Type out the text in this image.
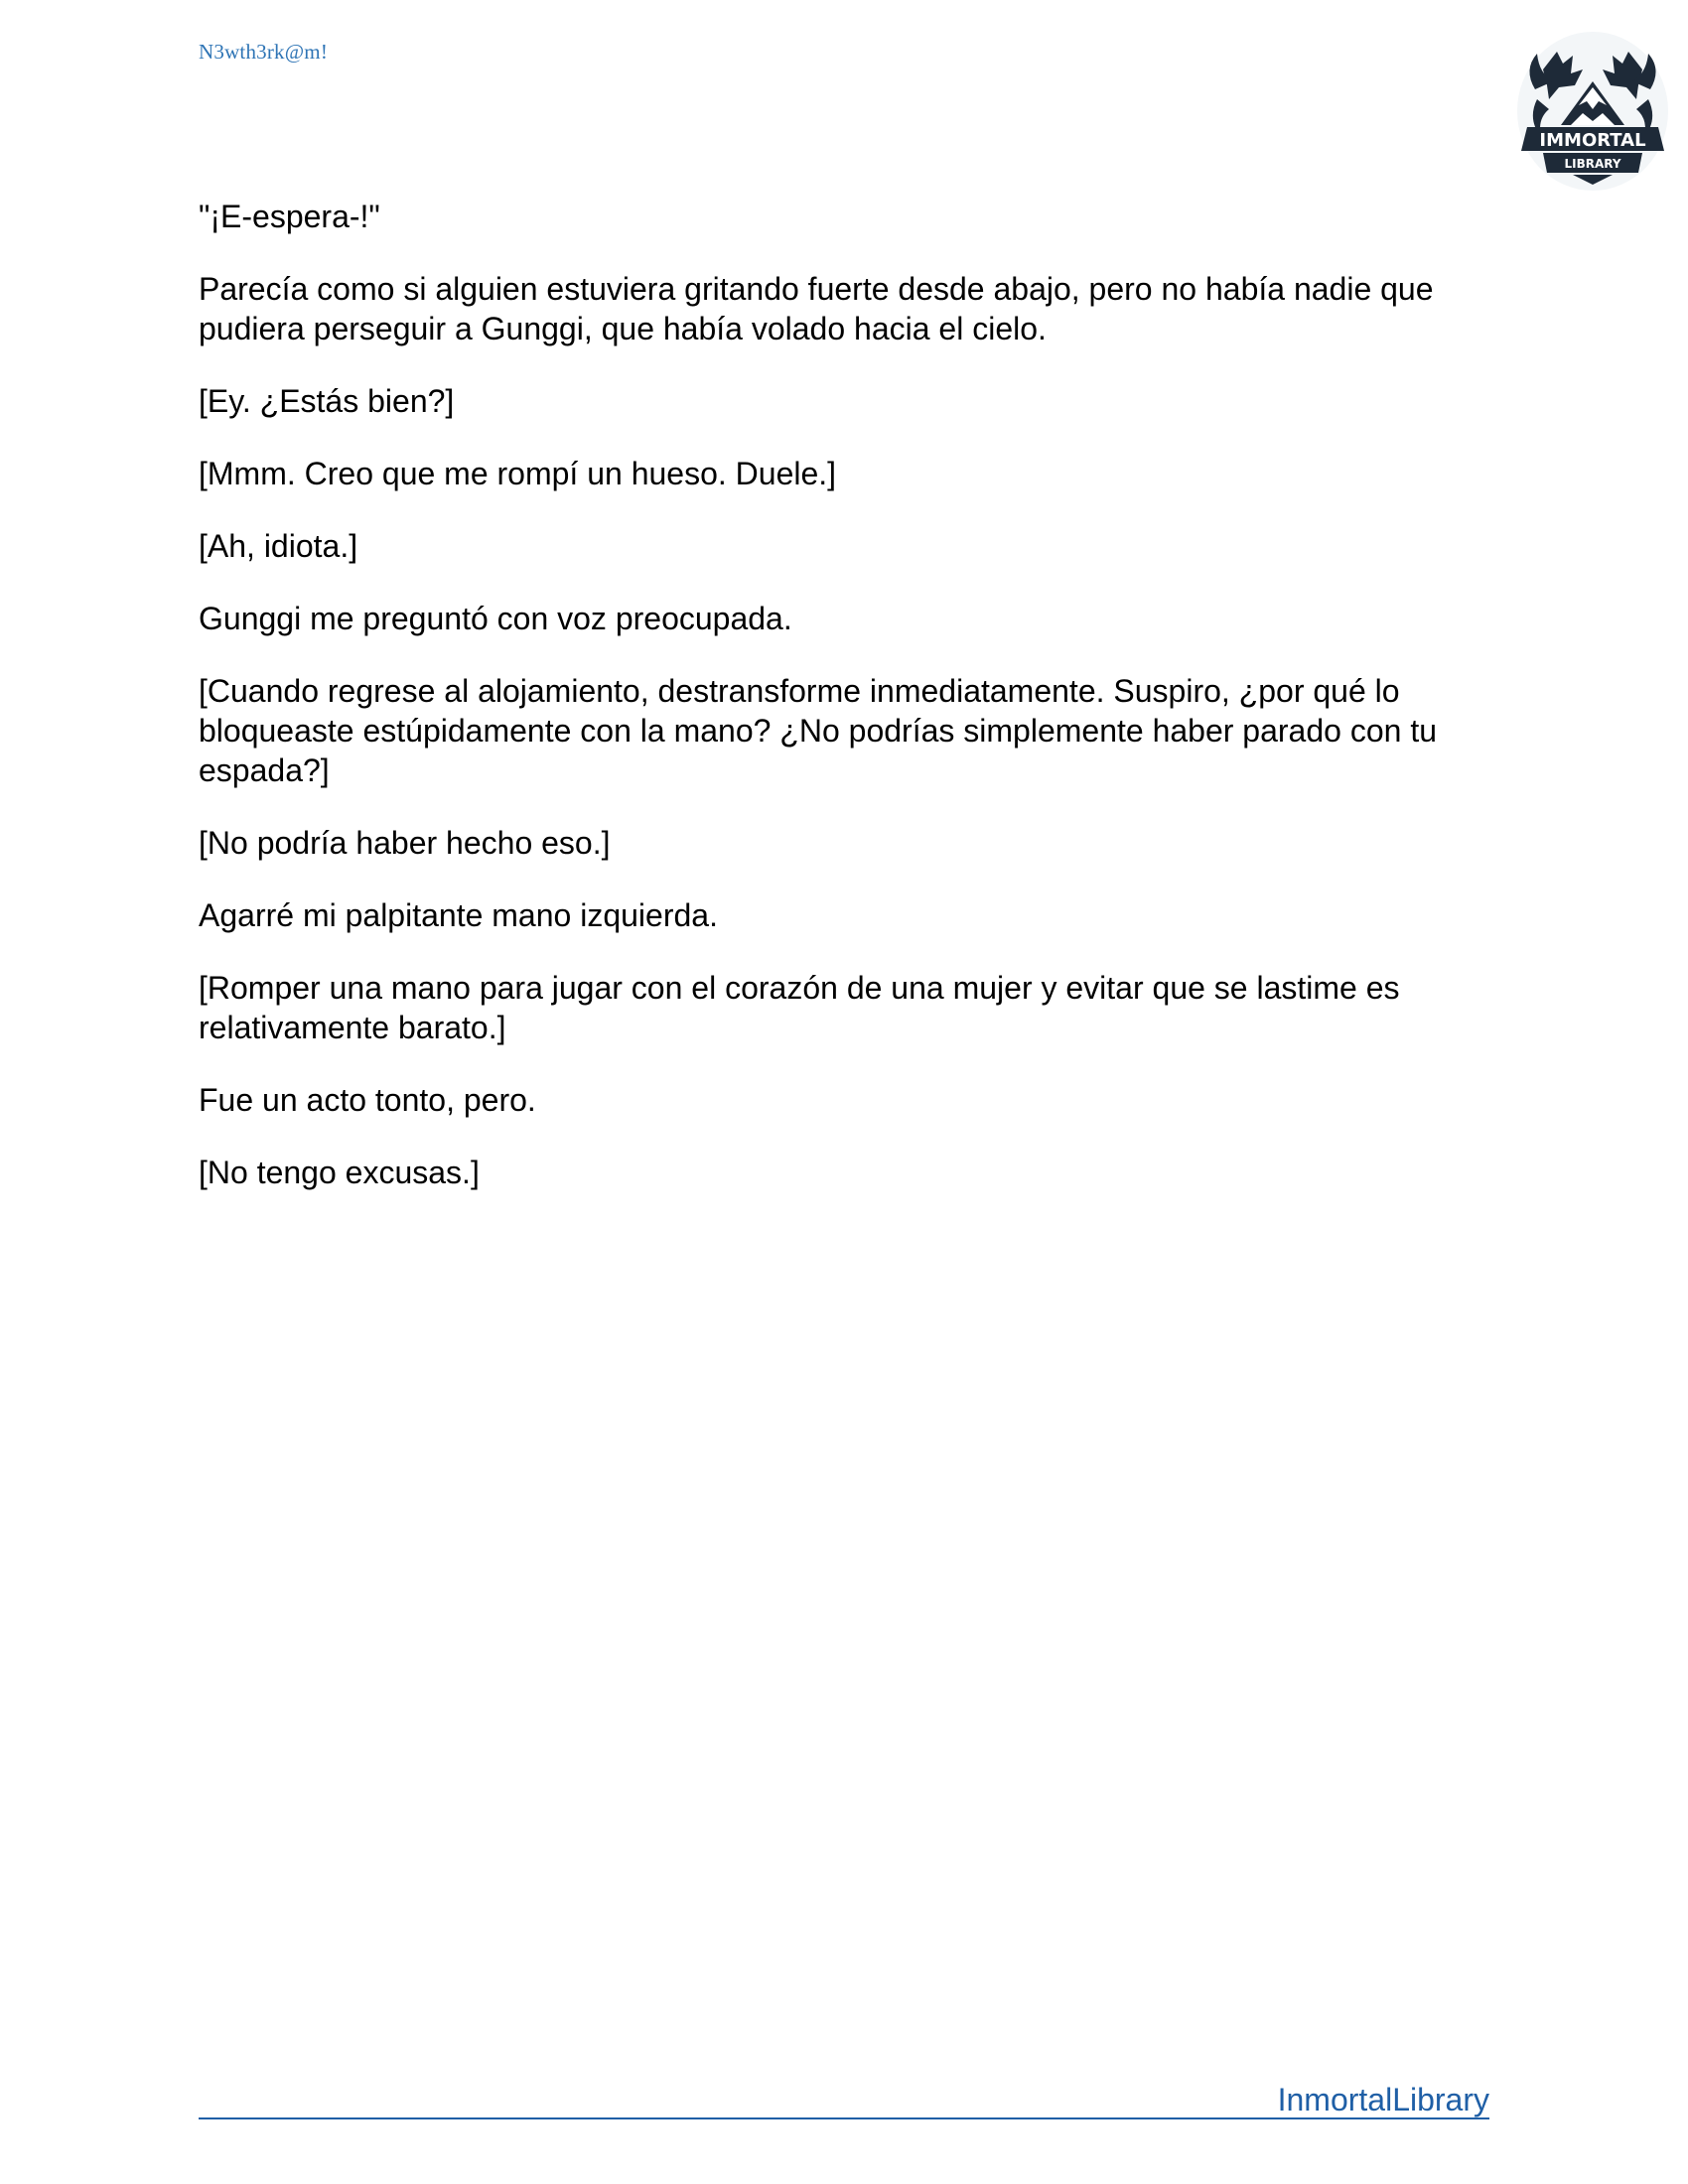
N3wth3rk@m!
IMMORTAL
LIBRARY

"¡E-espera-!"

Parecía como si alguien estuviera gritando fuerte desde abajo, pero no había nadie que pudiera perseguir a Gunggi, que había volado hacia el cielo.

[Ey. ¿Estás bien?]

[Mmm. Creo que me rompí un hueso. Duele.]

[Ah, idiota.]

Gunggi me preguntó con voz preocupada.

[Cuando regrese al alojamiento, destransforme inmediatamente. Suspiro, ¿por qué lo bloqueaste estúpidamente con la mano? ¿No podrías simplemente haber parado con tu espada?]

[No podría haber hecho eso.]

Agarré mi palpitante mano izquierda.

[Romper una mano para jugar con el corazón de una mujer y evitar que se lastime es relativamente barato.]

Fue un acto tonto, pero.

[No tengo excusas.]

InmortalLibrary
